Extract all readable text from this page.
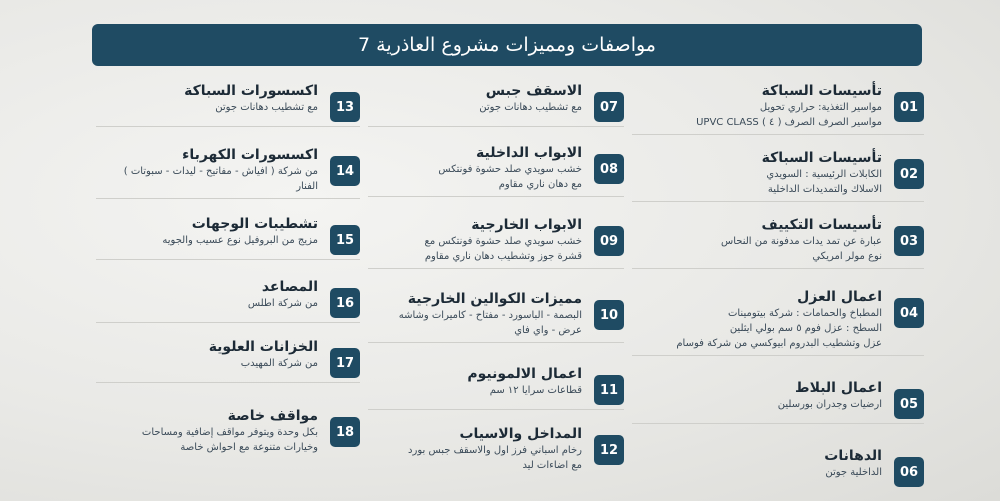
مواصفات ومميزات مشروع العاذرية 7
01
تأسيسات السباكة
مواسير التغذية: حراري تحويل
مواسير الصرف الصرف ( ٤ ) UPVC CLASS
02
تأسيسات السباكة
الكابلات الرئيسية : السويدي
الاسلاك والتمديدات الداخلية
03
تأسيسات التكييف
عبارة عن تمد يدات مدفونة من النحاس
نوع مولر امريكي
04
اعمال العزل
المطباخ والحمامات : شركة بيتومينات
السطح : عزل فوم ٥ سم بولي ايثلين
عزل وتشطيب البدروم ابيوكسي من شركة فوسام
05
اعمال البلاط
ارضيات وجدران بورسلين
06
الدهانات
الداخلية جوتن
07
الاسقف جبس
مع تشطيب دهانات جوتن
08
الابواب الداخلية
خشب سويدي صلد حشوة فونتكس
مع دهان ناري مقاوم
09
الابواب الخارجية
خشب سويدي صلد حشوة فونتكس مع
قشرة جوز وتشطيب دهان ناري مقاوم
10
مميزات الكوالين الخارجية
البصمة - الباسورد - مفتاح - كاميرات وشاشه
عرض - واي فاي
11
اعمال الالمونيوم
قطاعات سرايا ١٢ سم
12
المداخل والاسياب
رخام اسباني فرز اول والاسقف جبس بورد
مع اضاءات ليد
13
اكسسورات السباكة
مع تشطيب دهانات جوتن
14
اكسسورات الكهرباء
من شركة ( افياش - مفاتيح - ليدات - سبوتات )
الفنار
15
تشطيبات الوجهات
مزيج من البروفيل نوع عسيب والجويه
16
المصاعد
من شركة اطلس
17
الخزانات العلوية
من شركة المهيدب
18
مواقف خاصة
بكل وحدة ويتوفر مواقف إضافية ومساحات
وخيارات متنوعة مع احواش خاصة
